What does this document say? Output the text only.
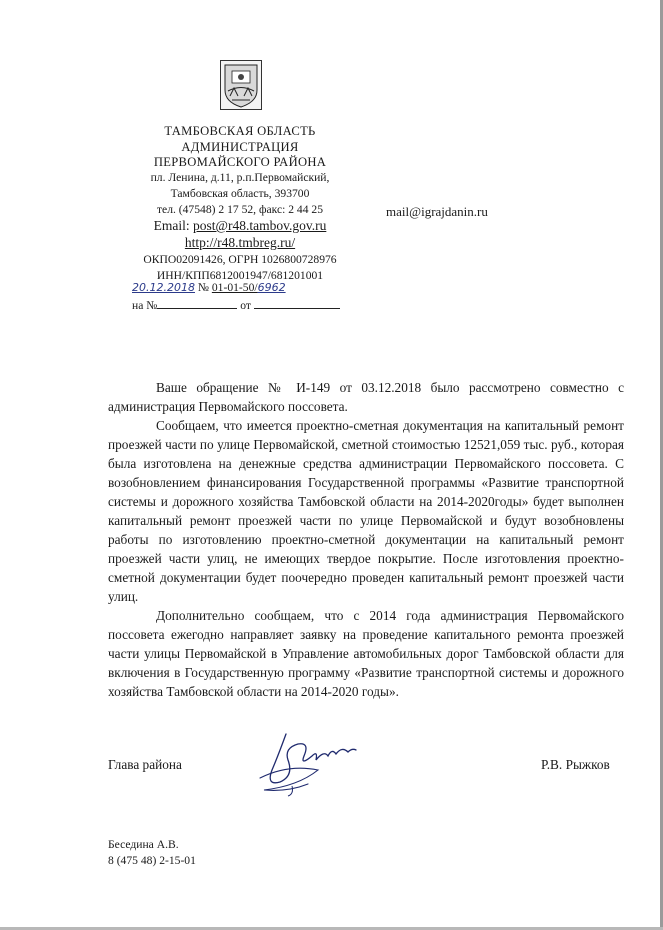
ТАМБОВСКАЯ ОБЛАСТЬ
АДМИНИСТРАЦИЯ
ПЕРВОМАЙСКОГО РАЙОНА
пл. Ленина, д.11, р.п.Первомайский,
Тамбовская область, 393700
тел. (47548) 2 17 52, факс: 2 44 25
Email: post@r48.tambov.gov.ru
http://r48.tmbreg.ru/
ОКПО02091426, ОГРН 1026800728976
ИНН/КПП6812001947/681201001
20.12.2018 № 01-01-50/6962
на №	от
mail@igrajdanin.ru

Ваше обращение № И-149 от 03.12.2018 было рассмотрено совместно с администрация Первомайского поссовета.

Сообщаем, что имеется проектно-сметная документация на капитальный ремонт проезжей части по улице Первомайской, сметной стоимостью 12521,059 тыс. руб., которая была изготовлена на денежные средства администрации Первомайского поссовета. С возобновлением финансирования Государственной программы «Развитие транспортной системы и дорожного хозяйства Тамбовской области на 2014-2020годы» будет выполнен капитальный ремонт проезжей части по улице Первомайской и будут возобновлены работы по изготовлению проектно-сметной документации на капитальный ремонт проезжей части улиц, не имеющих твердое покрытие. После изготовления проектно-сметной документации будет поочередно проведен капитальный ремонт проезжей части улиц.

Дополнительно сообщаем, что с 2014 года администрация Первомайского поссовета ежегодно направляет заявку на проведение капитального ремонта проезжей части улицы Первомайской в Управление автомобильных дорог Тамбовской области для включения в Государственную программу «Развитие транспортной системы и дорожного хозяйства Тамбовской области на 2014-2020 годы».

Глава района	Р.В. Рыжков
Беседина А.В.
8 (475 48) 2-15-01
